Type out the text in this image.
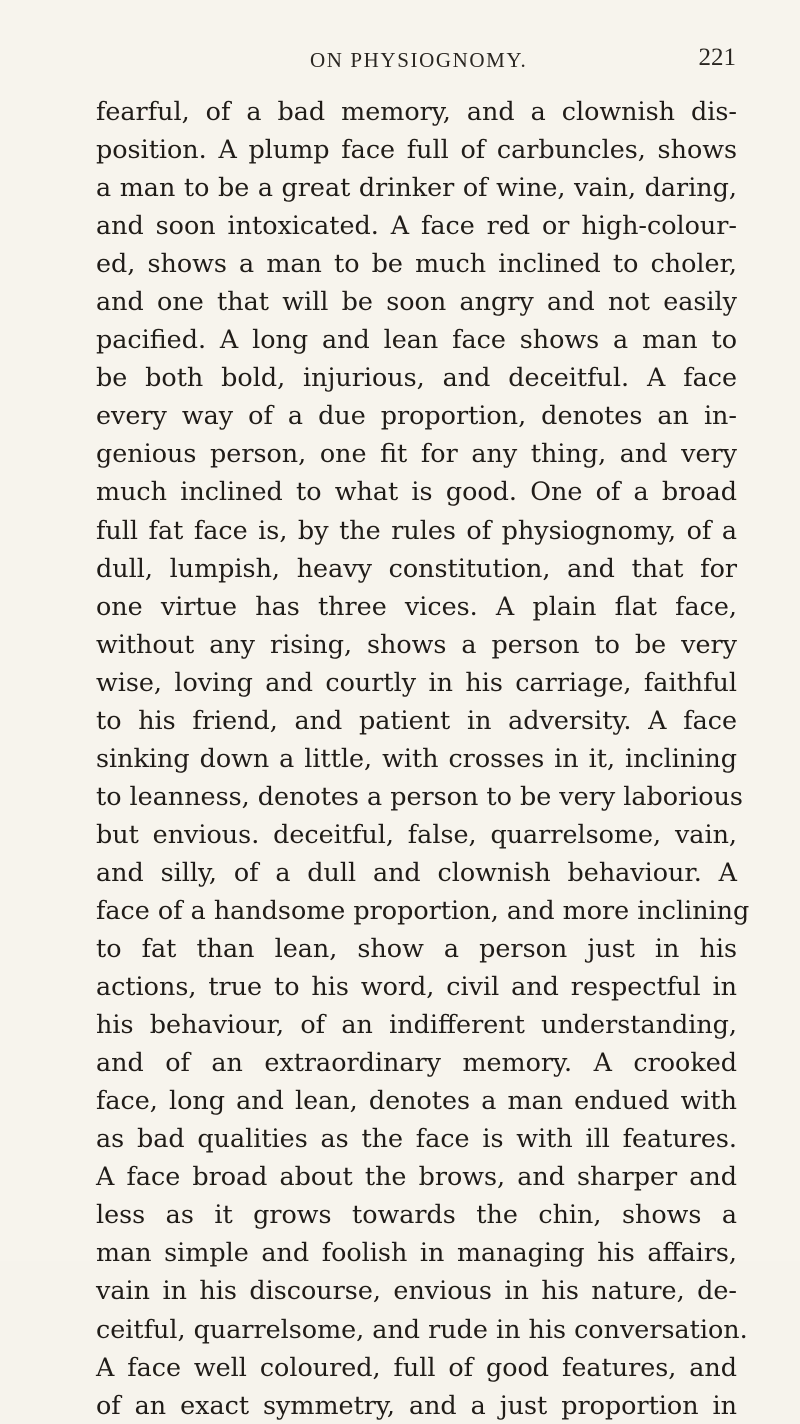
ON PHYSIOGNOMY.	221
fearful, of a bad memory, and a clownish dis-
position. A plump face full of carbuncles, shows
a man to be a great drinker of wine, vain, daring,
and soon intoxicated. A face red or high-colour-
ed, shows a man to be much inclined to choler,
and one that will be soon angry and not easily
pacified. A long and lean face shows a man to
be both bold, injurious, and deceitful. A face
every way of a due proportion, denotes an in-
genious person, one fit for any thing, and very
much inclined to what is good. One of a broad
full fat face is, by the rules of physiognomy, of a
dull, lumpish, heavy constitution, and that for
one virtue has three vices. A plain flat face,
without any rising, shows a person to be very
wise, loving and courtly in his carriage, faithful
to his friend, and patient in adversity. A face
sinking down a little, with crosses in it, inclining
to leanness, denotes a person to be very laborious
but envious. deceitful, false, quarrelsome, vain,
and silly, of a dull and clownish behaviour. A
face of a handsome proportion, and more inclining
to fat than lean, show a person just in his
actions, true to his word, civil and respectful in
his behaviour, of an indifferent understanding,
and of an extraordinary memory. A crooked
face, long and lean, denotes a man endued with
as bad qualities as the face is with ill features.
A face broad about the brows, and sharper and
less as it grows towards the chin, shows a
man simple and foolish in managing his affairs,
vain in his discourse, envious in his nature, de-
ceitful, quarrelsome, and rude in his conversation.
A face well coloured, full of good features, and
of an exact symmetry, and a just proportion in
